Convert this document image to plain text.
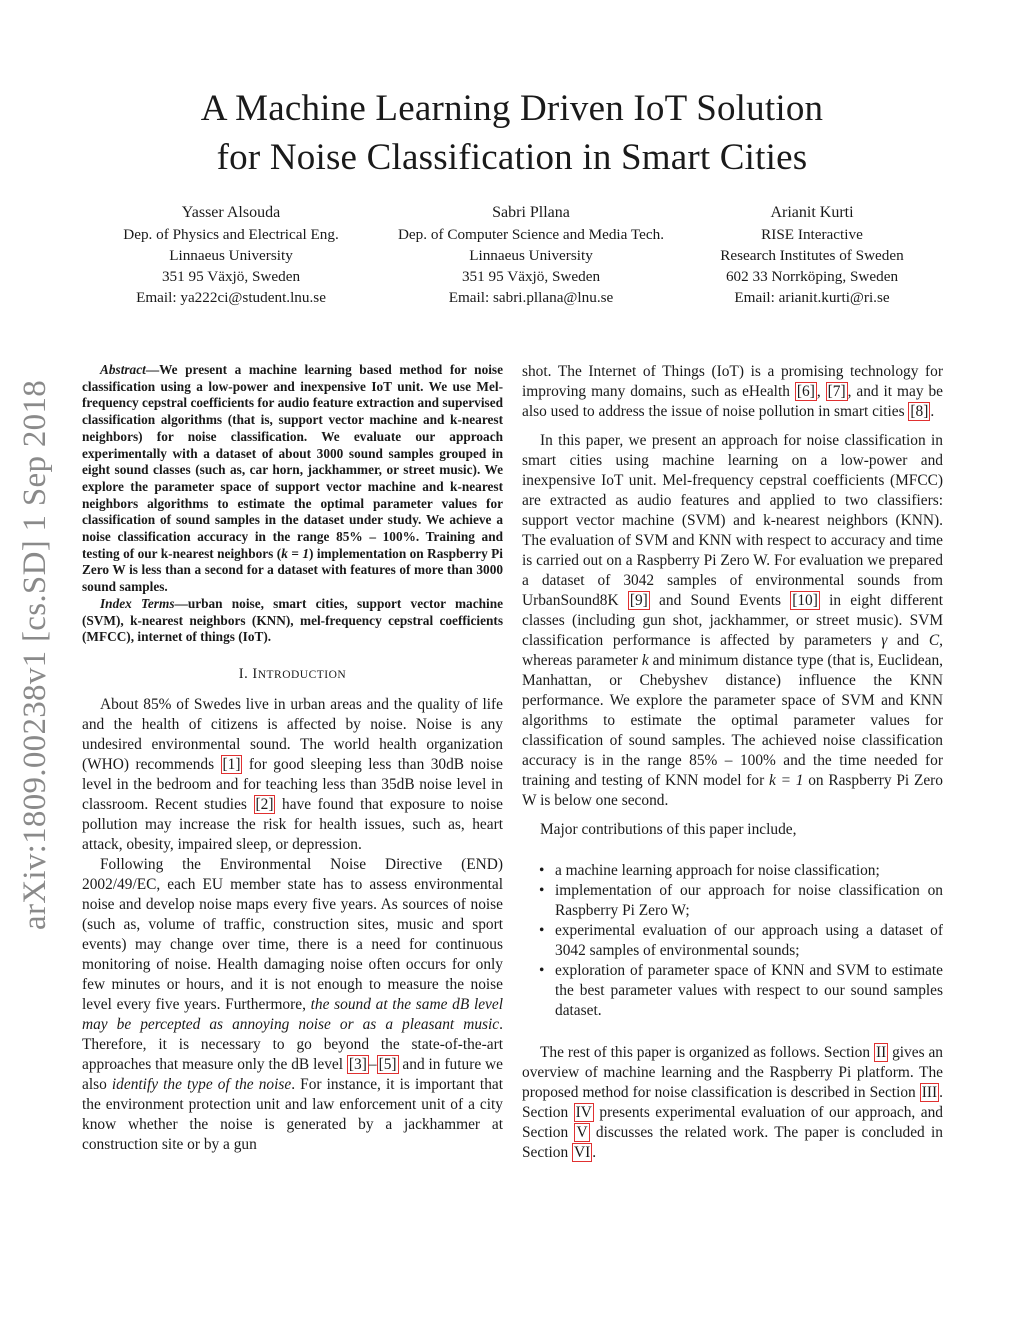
A Machine Learning Driven IoT Solution
for Noise Classification in Smart Cities
Yasser Alsouda
Dep. of Physics and Electrical Eng.
Linnaeus University
351 95 Växjö, Sweden
Email: ya222ci@student.lnu.se
Sabri Pllana
Dep. of Computer Science and Media Tech.
Linnaeus University
351 95 Växjö, Sweden
Email: sabri.pllana@lnu.se
Arianit Kurti
RISE Interactive
Research Institutes of Sweden
602 33 Norrköping, Sweden
Email: arianit.kurti@ri.se
arXiv:1809.00238v1 [cs.SD] 1 Sep 2018

Abstract—We present a machine learning based method for noise classification using a low-power and inexpensive IoT unit. We use Mel-frequency cepstral coefficients for audio feature extraction and supervised classification algorithms (that is, support vector machine and k-nearest neighbors) for noise classification. We evaluate our approach experimentally with a dataset of about 3000 sound samples grouped in eight sound classes (such as, car horn, jackhammer, or street music). We explore the parameter space of support vector machine and k-nearest neighbors algorithms to estimate the optimal parameter values for classification of sound samples in the dataset under study. We achieve a noise classification accuracy in the range 85% – 100%. Training and testing of our k-nearest neighbors (k = 1) implementation on Raspberry Pi Zero W is less than a second for a dataset with features of more than 3000 sound samples.

Index Terms—urban noise, smart cities, support vector machine (SVM), k-nearest neighbors (KNN), mel-frequency cepstral coefficients (MFCC), internet of things (IoT).

I. INTRODUCTION

About 85% of Swedes live in urban areas and the quality of life and the health of citizens is affected by noise. Noise is any undesired environmental sound. The world health organization (WHO) recommends [1] for good sleeping less than 30dB noise level in the bedroom and for teaching less than 35dB noise level in classroom. Recent studies [2] have found that exposure to noise pollution may increase the risk for health issues, such as, heart attack, obesity, impaired sleep, or depression.

Following the Environmental Noise Directive (END) 2002/49/EC, each EU member state has to assess environmental noise and develop noise maps every five years. As sources of noise (such as, volume of traffic, construction sites, music and sport events) may change over time, there is a need for continuous monitoring of noise. Health damaging noise often occurs for only few minutes or hours, and it is not enough to measure the noise level every five years. Furthermore, the sound at the same dB level may be percepted as annoying noise or as a pleasant music. Therefore, it is necessary to go beyond the state-of-the-art approaches that measure only the dB level [3] – [5] and in future we also identify the type of the noise. For instance, it is important that the environment protection unit and law enforcement unit of a city know whether the noise is generated by a jackhammer at construction site or by a gun

shot. The Internet of Things (IoT) is a promising technology for improving many domains, such as eHealth [6] , [7] , and it may be also used to address the issue of noise pollution in smart cities [8] .

In this paper, we present an approach for noise classification in smart cities using machine learning on a low-power and inexpensive IoT unit. Mel-frequency cepstral coefficients (MFCC) are extracted as audio features and applied to two classifiers: support vector machine (SVM) and k-nearest neighbors (KNN). The evaluation of SVM and KNN with respect to accuracy and time is carried out on a Raspberry Pi Zero W. For evaluation we prepared a dataset of 3042 samples of environmental sounds from UrbanSound8K [9] and Sound Events [10] in eight different classes (including gun shot, jackhammer, or street music). SVM classification performance is affected by parameters γ and C, whereas parameter k and minimum distance type (that is, Euclidean, Manhattan, or Chebyshev distance) influence the KNN performance. We explore the parameter space of SVM and KNN algorithms to estimate the optimal parameter values for classification of sound samples. The achieved noise classification accuracy is in the range 85% – 100% and the time needed for training and testing of KNN model for k = 1 on Raspberry Pi Zero W is below one second.

Major contributions of this paper include,

• a machine learning approach for noise classification;
• implementation of our approach for noise classification on Raspberry Pi Zero W;
• experimental evaluation of our approach using a dataset of 3042 samples of environmental sounds;
• exploration of parameter space of KNN and SVM to estimate the best parameter values with respect to our sound samples dataset.

The rest of this paper is organized as follows. Section II gives an overview of machine learning and the Raspberry Pi platform. The proposed method for noise classification is described in Section III . Section IV presents experimental evaluation of our approach, and Section V discusses the related work. The paper is concluded in Section VI .
